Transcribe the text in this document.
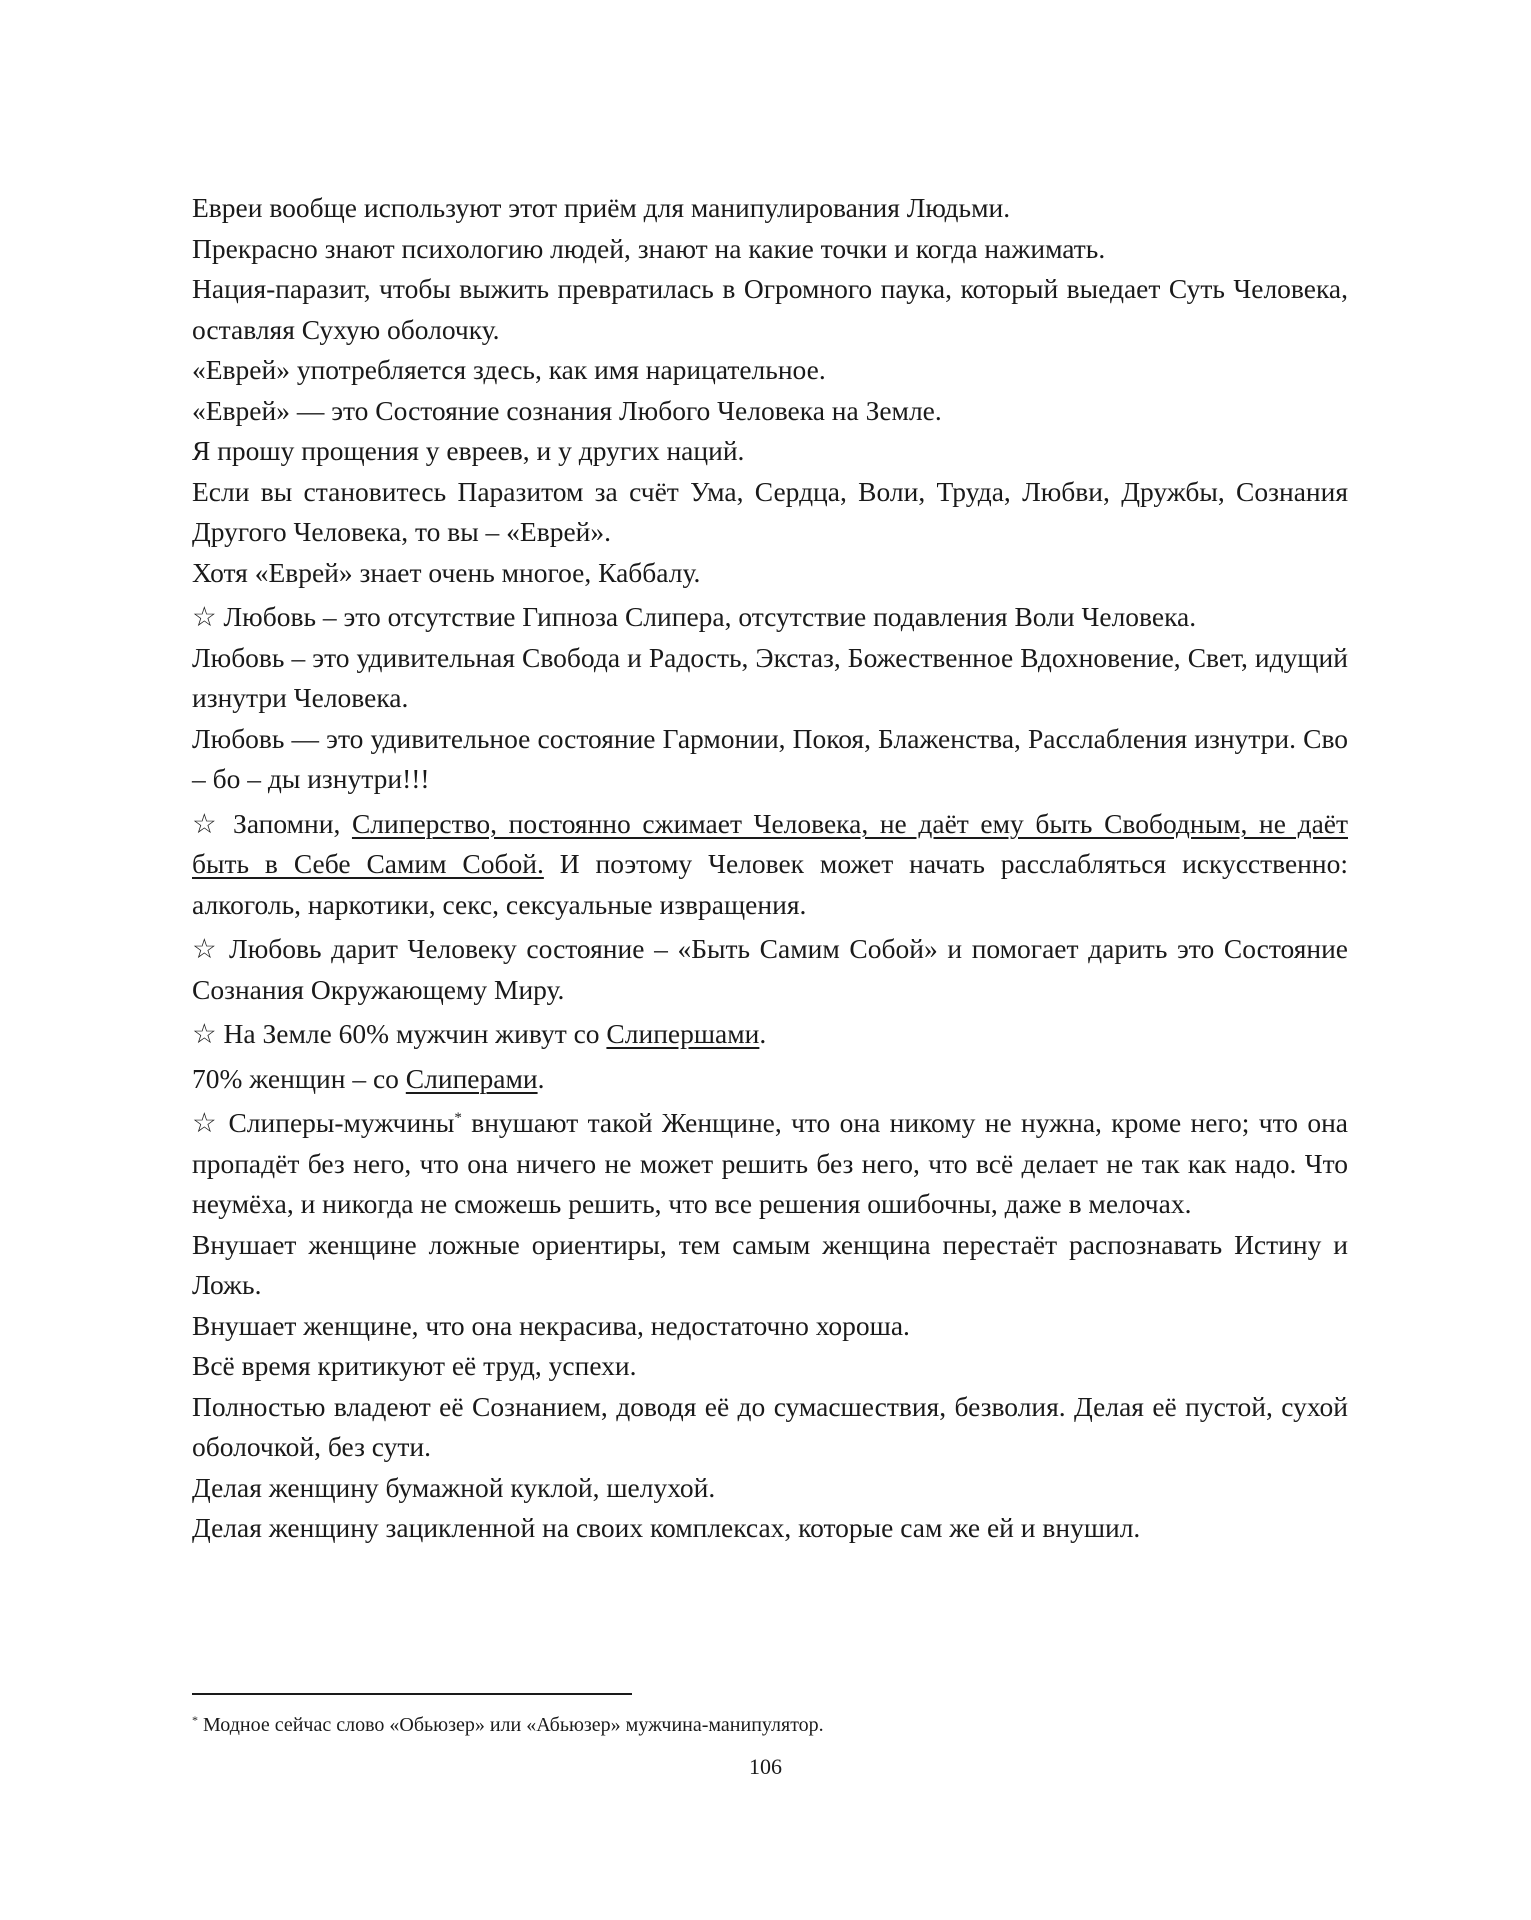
Евреи вообще используют этот приём для манипулирования Людьми.

Прекрасно знают психологию людей, знают на какие точки и когда нажимать.

Нация-паразит, чтобы выжить превратилась в Огромного паука, который выедает Суть Человека, оставляя Сухую оболочку.

«Еврей» употребляется здесь, как имя нарицательное.

«Еврей» — это Состояние сознания Любого Человека на Земле.

Я прошу прощения у евреев, и у других наций.

Если вы становитесь Паразитом за счёт Ума, Сердца, Воли, Труда, Любви, Дружбы, Сознания Другого Человека, то вы – «Еврей».

Хотя «Еврей» знает очень многое, Каббалу.

☆ Любовь – это отсутствие Гипноза Слипера, отсутствие подавления Воли Человека.

Любовь – это удивительная Свобода и Радость, Экстаз, Божественное Вдохновение, Свет, идущий изнутри Человека.

Любовь — это удивительное состояние Гармонии, Покоя, Блаженства, Расслабления изнутри. Сво – бо – ды изнутри!!!

☆ Запомни, Слиперство, постоянно сжимает Человека, не даёт ему быть Свободным, не даёт быть в Себе Самим Собой. И поэтому Человек может начать расслабляться искусственно: алкоголь, наркотики, секс, сексуальные извращения.

☆ Любовь дарит Человеку состояние – «Быть Самим Собой» и помогает дарить это Состояние Сознания Окружающему Миру.

☆ На Земле 60% мужчин живут со Слипершами.

70% женщин – со Слиперами.

☆ Слиперы-мужчины* внушают такой Женщине, что она никому не нужна, кроме него; что она пропадёт без него, что она ничего не может решить без него, что всё делает не так как надо. Что неумёха, и никогда не сможешь решить, что все решения ошибочны, даже в мелочах.

Внушает женщине ложные ориентиры, тем самым женщина перестаёт распознавать Истину и Ложь.

Внушает женщине, что она некрасива, недостаточно хороша.

Всё время критикуют её труд, успехи.

Полностью владеют её Сознанием, доводя её до сумасшествия, безволия. Делая её пустой, сухой оболочкой, без сути.

Делая женщину бумажной куклой, шелухой.

Делая женщину зацикленной на своих комплексах, которые сам же ей и внушил.

* Модное сейчас слово «Обьюзер» или «Абьюзер» мужчина-манипулятор.
106
